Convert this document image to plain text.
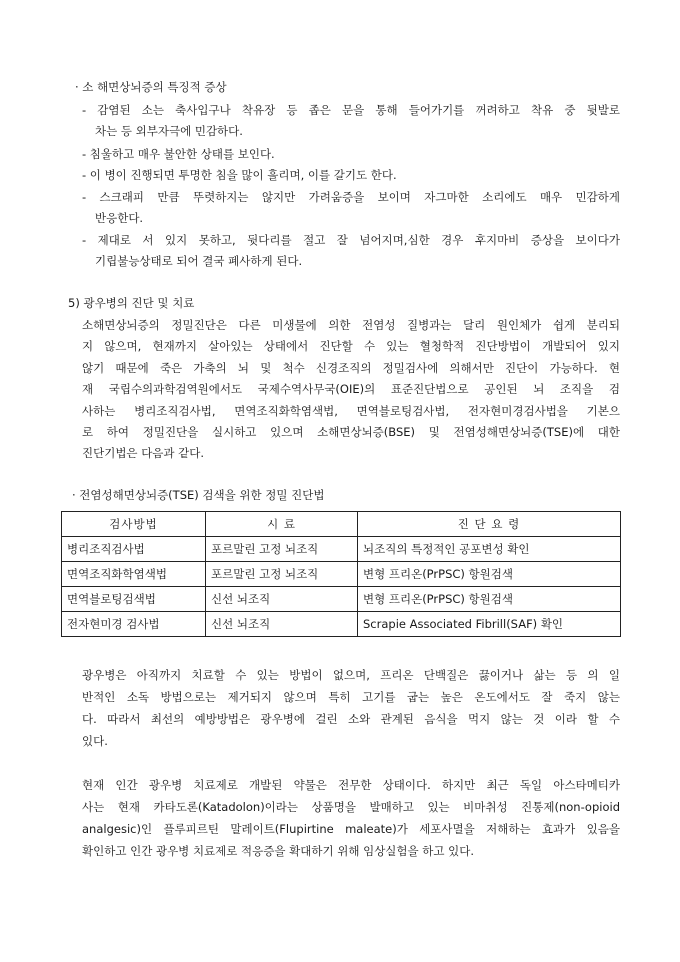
· 소 해면상뇌증의 특징적 증상
- 감염된 소는 축사입구나 착유장 등 좁은 문을 통해 들어가기를 꺼려하고 착유 중 뒷발로
차는 등 외부자극에 민감하다.
- 침울하고 매우 불안한 상태를 보인다.
- 이 병이 진행되면 투명한 침을 많이 흘리며, 이를 갈기도 한다.
- 스크래피 만큼 뚜렷하지는 않지만 가려움증을 보이며 자그마한 소리에도 매우 민감하게
반응한다.
- 제대로 서 있지 못하고, 뒷다리를 절고 잘 넘어지며,심한 경우 후지마비 증상을 보이다가
기립불능상태로 되어 결국 폐사하게 된다.
5) 광우병의 진단 및 치료
소해면상뇌증의 정밀진단은 다른 미생물에 의한 전염성 질병과는 달리 원인체가 쉽게 분리되
지 않으며, 현재까지 살아있는 상태에서 진단할 수 있는 혈청학적 진단방법이 개발되어 있지
않기 때문에 죽은 가축의 뇌 및 척수 신경조직의 정밀검사에 의해서만 진단이 가능하다. 현
재 국립수의과학검역원에서도 국제수역사무국(OIE)의 표준진단법으로 공인된 뇌 조직을 검
사하는 병리조직검사법, 면역조직화학염색법, 면역블로팅검사법, 전자현미경검사법을 기본으
로 하여 정밀진단을 실시하고 있으며 소해면상뇌증(BSE) 및 전염성해면상뇌증(TSE)에 대한
진단기법은 다음과 같다.
· 전염성해면상뇌증(TSE) 검색을 위한 정밀 진단법
검사방법	시 료	진 단 요 령
병리조직검사법	포르말린 고정 뇌조직	뇌조직의 특정적인 공포변성 확인
면역조직화학염색법	포르말린 고정 뇌조직	변형 프리온(PrPSC) 항원검색
면역블로팅검색법	신선 뇌조직	변형 프리온(PrPSC) 항원검색
전자현미경 검사법	신선 뇌조직	Scrapie Associated Fibrill(SAF) 확인
광우병은 아직까지 치료할 수 있는 방법이 없으며, 프리온 단백질은 끓이거나 삶는 등 의 일
반적인 소독 방법으로는 제거되지 않으며 특히 고기를 굽는 높은 온도에서도 잘 죽지 않는
다. 따라서 최선의 예방방법은 광우병에 걸린 소와 관계된 음식을 먹지 않는 것 이라 할 수
있다.
현재 인간 광우병 치료제로 개발된 약물은 전무한 상태이다. 하지만 최근 독일 아스타메티카
사는 현재 카타도론(Katadolon)이라는 상품명을 발매하고 있는 비마취성 진통제(non-opioid
analgesic)인 플루피르틴 말레이트(Flupirtine maleate)가 세포사멸을 저해하는 효과가 있음을
확인하고 인간 광우병 치료제로 적응증을 확대하기 위해 임상실험을 하고 있다.
